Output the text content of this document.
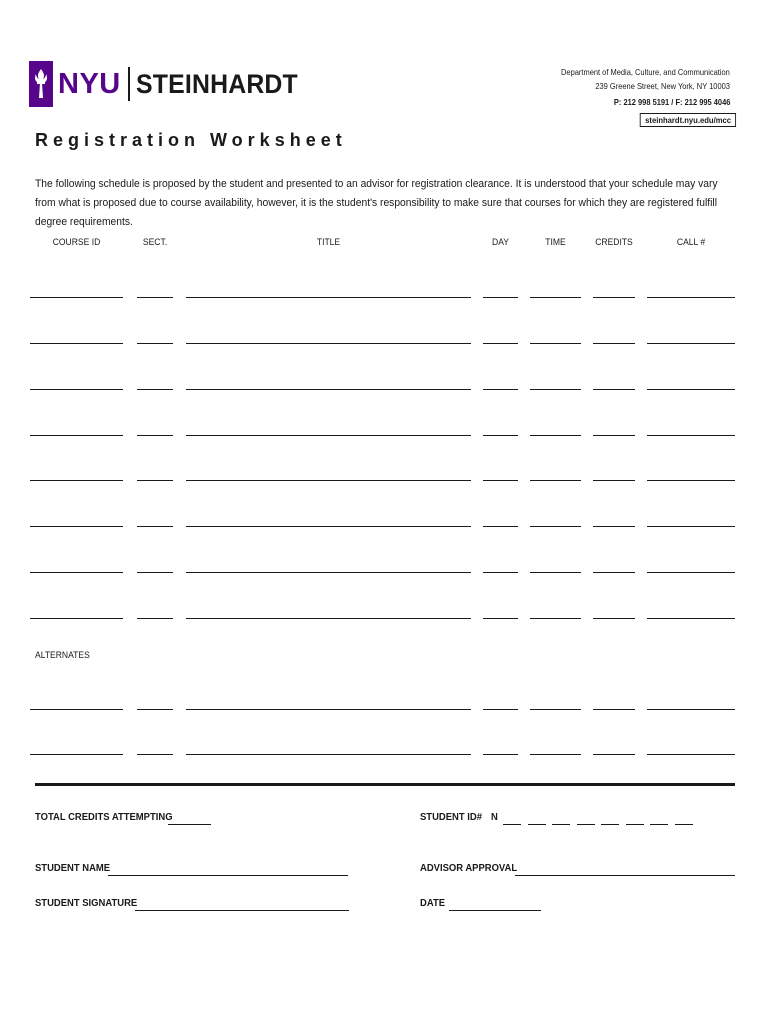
NYU STEINHARDT	Department of Media, Culture, and Communication
239 Greene Street, New York, NY 10003
P: 212 998 5191 / F: 212 995 4046
steinhardt.nyu.edu/mcc
Registration Worksheet
The following schedule is proposed by the student and presented to an advisor for registration clearance. It is understood that your schedule may vary from what is proposed due to course availability, however, it is the student's responsibility to make sure that courses for which they are registered fulfill degree requirements.
COURSE ID	SECT.	TITLE	DAY	TIME	CREDITS	CALL #
ALTERNATES
TOTAL CREDITS ATTEMPTING	STUDENT ID# N
STUDENT NAME	ADVISOR APPROVAL
STUDENT SIGNATURE	DATE
